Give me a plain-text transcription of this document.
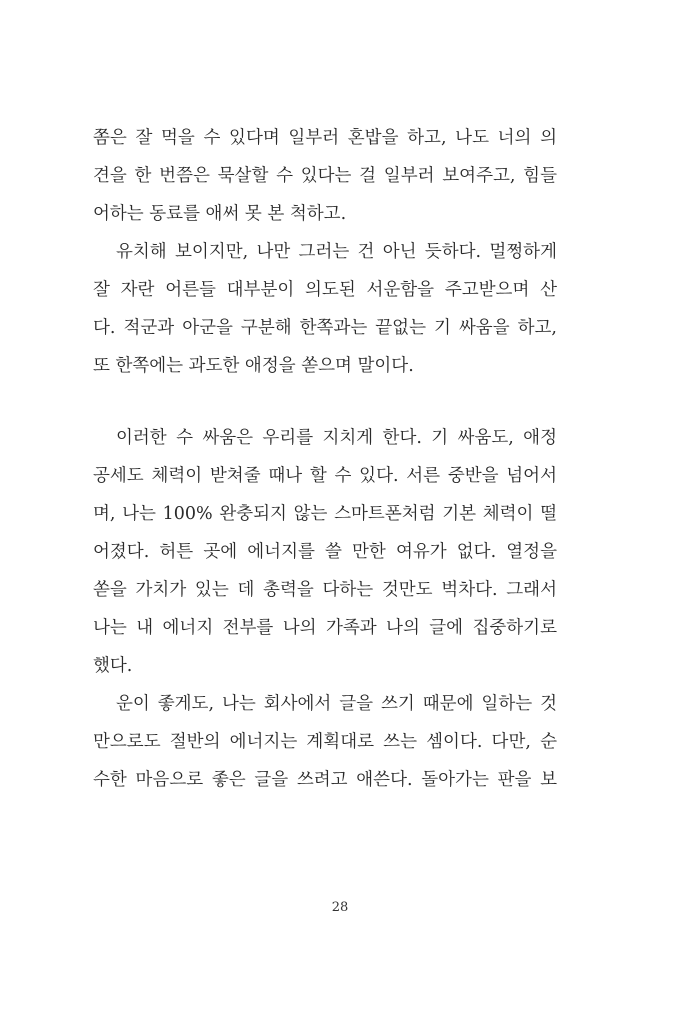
쫌은 잘 먹을 수 있다며 일부러 혼밥을 하고, 나도 너의 의
견을 한 번쯤은 묵살할 수 있다는 걸 일부러 보여주고, 힘들
어하는 동료를 애써 못 본 척하고.
유치해 보이지만, 나만 그러는 건 아닌 듯하다. 멀쩡하게
잘 자란 어른들 대부분이 의도된 서운함을 주고받으며 산
다. 적군과 아군을 구분해 한쪽과는 끝없는 기 싸움을 하고,
또 한쪽에는 과도한 애정을 쏟으며 말이다.
이러한 수 싸움은 우리를 지치게 한다. 기 싸움도, 애정
공세도 체력이 받쳐줄 때나 할 수 있다. 서른 중반을 넘어서
며, 나는 100% 완충되지 않는 스마트폰처럼 기본 체력이 떨
어졌다. 허튼 곳에 에너지를 쓸 만한 여유가 없다. 열정을
쏟을 가치가 있는 데 총력을 다하는 것만도 벅차다. 그래서
나는 내 에너지 전부를 나의 가족과 나의 글에 집중하기로
했다.
운이 좋게도, 나는 회사에서 글을 쓰기 때문에 일하는 것
만으로도 절반의 에너지는 계획대로 쓰는 셈이다. 다만, 순
수한 마음으로 좋은 글을 쓰려고 애쓴다. 돌아가는 판을 보
28
